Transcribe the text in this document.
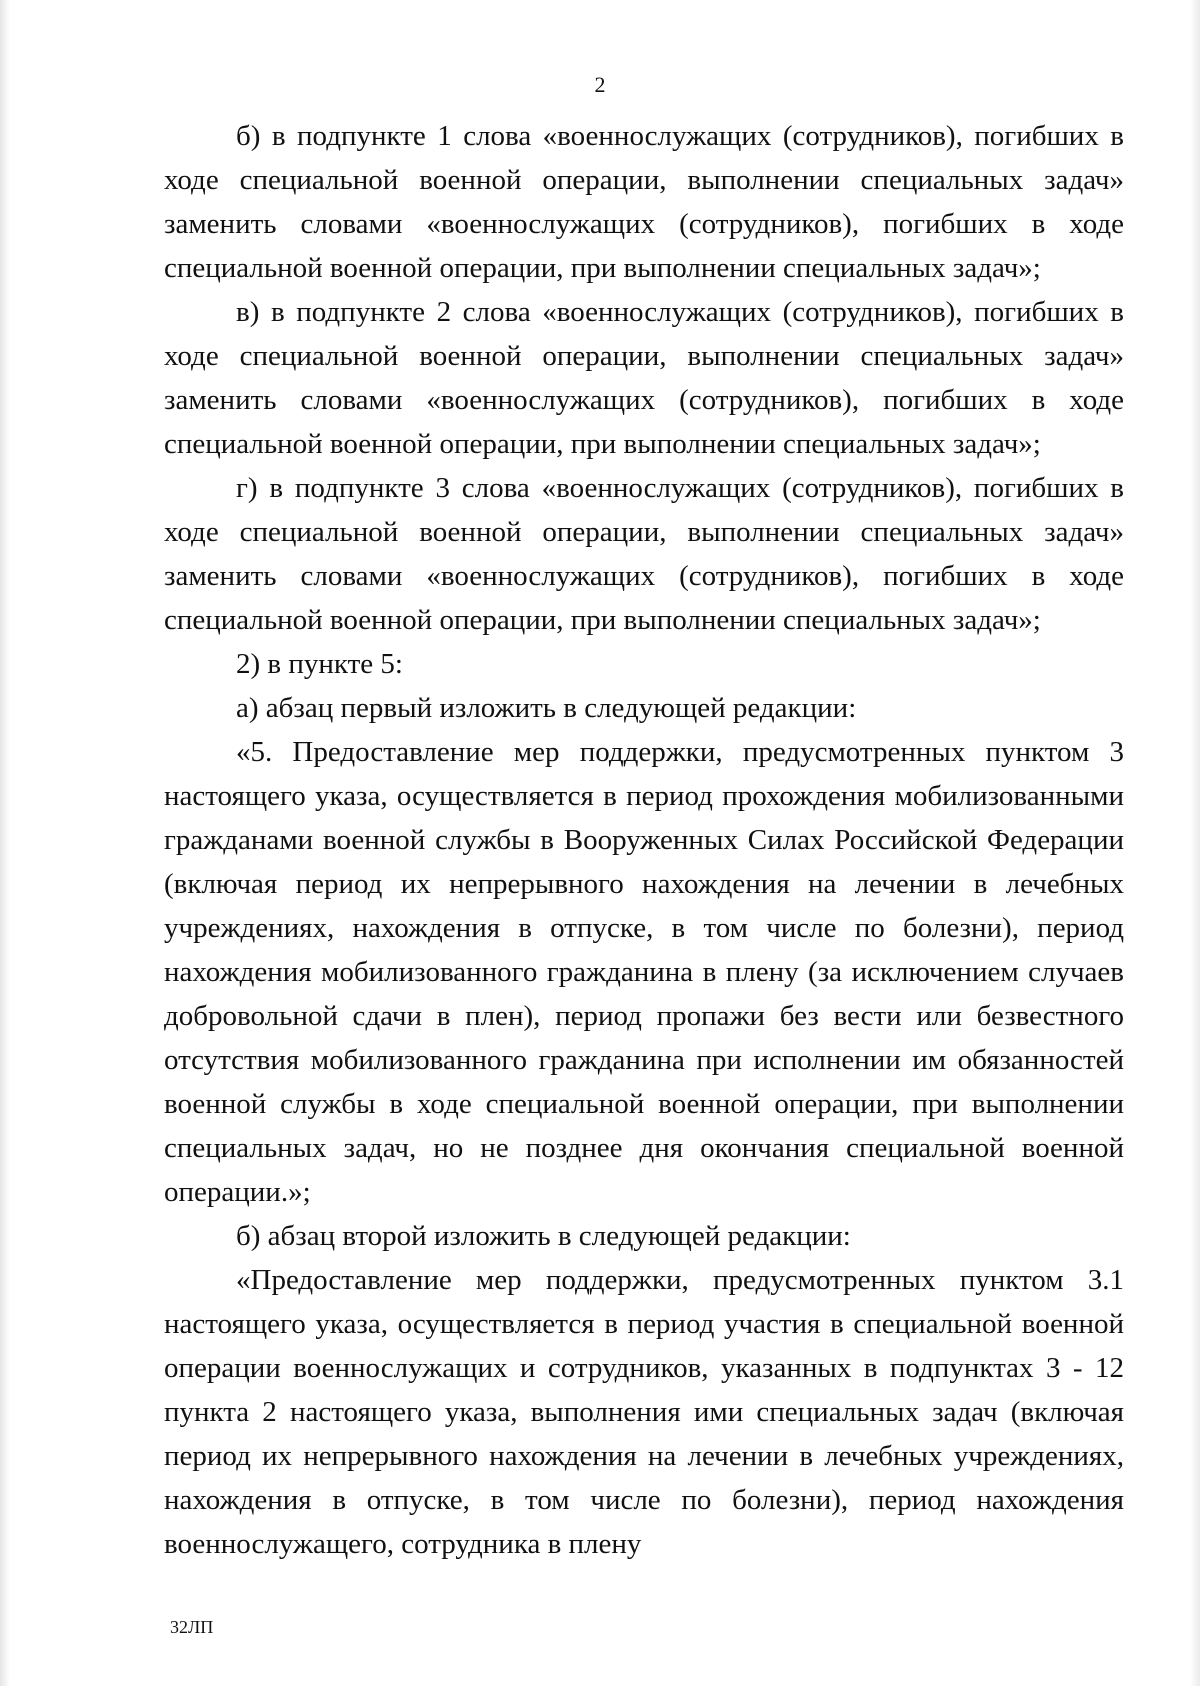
2

б) в подпункте 1 слова «военнослужащих (сотрудников), погибших в ходе специальной военной операции, выполнении специальных задач» заменить словами «военнослужащих (сотрудников), погибших в ходе специальной военной операции, при выполнении специальных задач»;

в) в подпункте 2 слова «военнослужащих (сотрудников), погибших в ходе специальной военной операции, выполнении специальных задач» заменить словами «военнослужащих (сотрудников), погибших в ходе специальной военной операции, при выполнении специальных задач»;

г) в подпункте 3 слова «военнослужащих (сотрудников), погибших в ходе специальной военной операции, выполнении специальных задач» заменить словами «военнослужащих (сотрудников), погибших в ходе специальной военной операции, при выполнении специальных задач»;

2) в пункте 5:

а) абзац первый изложить в следующей редакции:

«5. Предоставление мер поддержки, предусмотренных пунктом 3 настоящего указа, осуществляется в период прохождения мобилизованными гражданами военной службы в Вооруженных Силах Российской Федерации (включая период их непрерывного нахождения на лечении в лечебных учреждениях, нахождения в отпуске, в том числе по болезни), период нахождения мобилизованного гражданина в плену (за исключением случаев добровольной сдачи в плен), период пропажи без вести или безвестного отсутствия мобилизованного гражданина при исполнении им обязанностей военной службы в ходе специальной военной операции, при выполнении специальных задач, но не позднее дня окончания специальной военной операции.»;

б) абзац второй изложить в следующей редакции:

«Предоставление мер поддержки, предусмотренных пунктом 3.1 настоящего указа, осуществляется в период участия в специальной военной операции военнослужащих и сотрудников, указанных в подпунктах 3 - 12 пункта 2 настоящего указа, выполнения ими специальных задач (включая период их непрерывного нахождения на лечении в лечебных учреждениях, нахождения в отпуске, в том числе по болезни), период нахождения военнослужащего, сотрудника в плену

32ЛП
